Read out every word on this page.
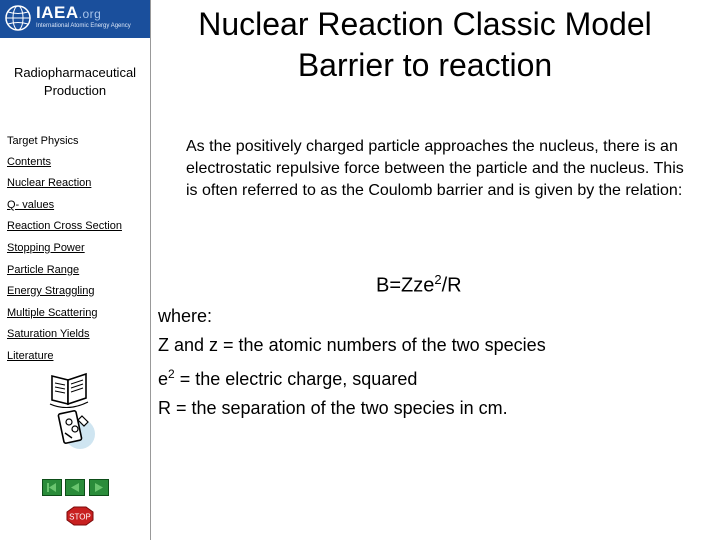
IAEA.org
International Atomic Energy Agency
Radiopharmaceutical
Production
Target Physics
Contents
Nuclear Reaction
Q- values
Reaction Cross Section
Stopping Power
Particle Range
Energy Straggling
Multiple Scattering
Saturation Yields
Literature
STOP
Nuclear Reaction Classic Model
Barrier to reaction
As the positively charged particle approaches the nucleus, there is an electrostatic repulsive force between the particle and the nucleus. This is often referred to as the Coulomb barrier and is given by the relation:
B=Zze$^2$/R
where:
Z and z = the atomic numbers of the two species
$e^2$ = the electric charge, squared
R = the separation of the two species in cm.
